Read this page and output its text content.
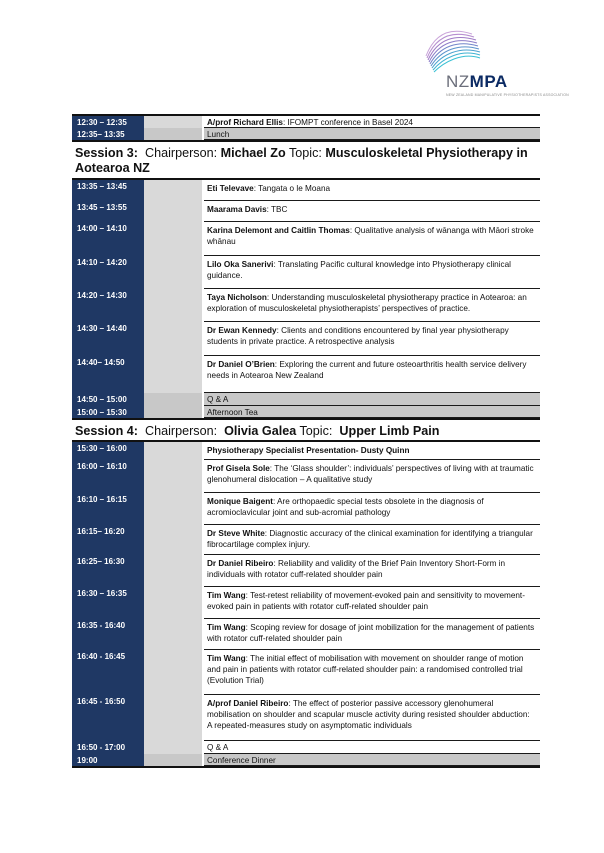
NZMPA
NEW ZEALAND MANIPULATIVE PHYSIOTHERAPISTS ASSOCIATION
12:30 – 12:35	A/prof Richard Ellis: IFOMPT conference in Basel 2024
12:35– 13:35	Lunch
Session 3: Chairperson: Michael Zo Topic: Musculoskeletal Physiotherapy in Aotearoa NZ
13:35 – 13:45	Eti Televave: Tangata o le Moana
13:45 – 13:55	Maarama Davis: TBC
14:00 – 14:10	Karina Delemont and Caitlin Thomas: Qualitative analysis of wānanga with Māori stroke whānau
14:10 – 14:20	Lilo Oka Sanerivi: Translating Pacific cultural knowledge into Physiotherapy clinical guidance.
14:20 – 14:30	Taya Nicholson: Understanding musculoskeletal physiotherapy practice in Aotearoa: an exploration of musculoskeletal physiotherapists’ perspectives of practice.
14:30 – 14:40	Dr Ewan Kennedy: Clients and conditions encountered by final year physiotherapy students in private practice. A retrospective analysis
14:40– 14:50	Dr Daniel O’Brien: Exploring the current and future osteoarthritis health service delivery needs in Aotearoa New Zealand
14:50 – 15:00	Q & A
15:00 – 15:30	Afternoon Tea
Session 4: Chairperson: Olivia Galea Topic: Upper Limb Pain
15:30 – 16:00	Physiotherapy Specialist Presentation- Dusty Quinn
16:00 – 16:10	Prof Gisela Sole: The ‘Glass shoulder’: individuals’ perspectives of living with at traumatic glenohumeral dislocation – A qualitative study
16:10 – 16:15	Monique Baigent: Are orthopaedic special tests obsolete in the diagnosis of acromioclavicular joint and sub-acromial pathology
16:15– 16:20	Dr Steve White: Diagnostic accuracy of the clinical examination for identifying a triangular fibrocartilage complex injury.
16:25– 16:30	Dr Daniel Ribeiro: Reliability and validity of the Brief Pain Inventory Short-Form in individuals with rotator cuff-related shoulder pain
16:30 – 16:35	Tim Wang: Test-retest reliability of movement-evoked pain and sensitivity to movement-evoked pain in patients with rotator cuff-related shoulder pain
16:35 - 16:40	Tim Wang: Scoping review for dosage of joint mobilization for the management of patients with rotator cuff-related shoulder pain
16:40 - 16:45	Tim Wang: The initial effect of mobilisation with movement on shoulder range of motion and pain in patients with rotator cuff-related shoulder pain: a randomised controlled trial (Evolution Trial)
16:45 - 16:50	A/prof Daniel Ribeiro: The effect of posterior passive accessory glenohumeral mobilisation on shoulder and scapular muscle activity during resisted shoulder abduction: A repeated-measures study on asymptomatic individuals
16:50 - 17:00	Q & A
19:00	Conference Dinner
